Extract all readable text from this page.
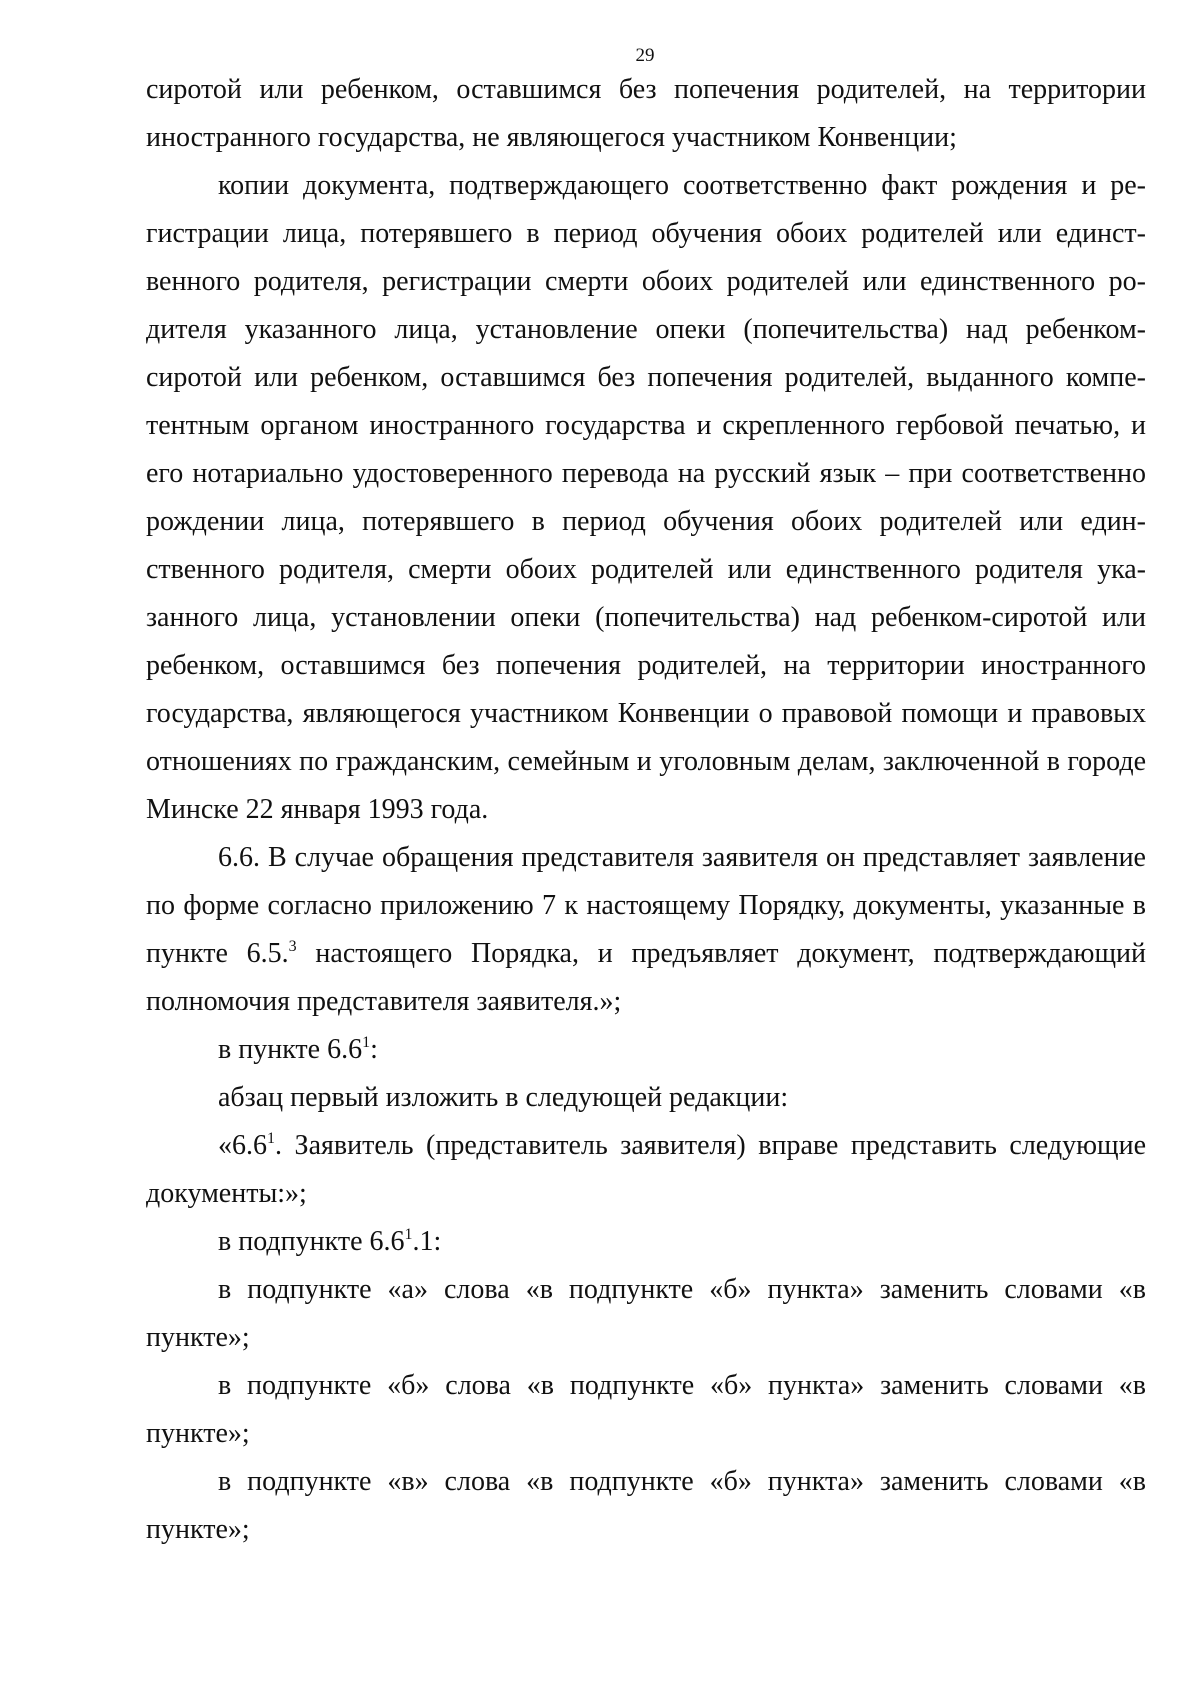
29

сиротой или ребенком, оставшимся без попечения родителей, на территории иностранного государства, не являющегося участником Конвенции;

копии документа, подтверждающего соответственно факт рождения и регистрации лица, потерявшего в период обучения обоих родителей или единственного родителя, регистрации смерти обоих родителей или единственного родителя указанного лица, установление опеки (попечительства) над ребенком-сиротой или ребенком, оставшимся без попечения родителей, выданного компетентным органом иностранного государства и скрепленного гербовой печатью, и его нотариально удостоверенного перевода на русский язык – при соответственно рождении лица, потерявшего в период обучения обоих родителей или единственного родителя, смерти обоих родителей или единственного родителя указанного лица, установлении опеки (попечительства) над ребенком-сиротой или ребенком, оставшимся без попечения родителей, на территории иностранного государства, являющегося участником Конвенции о правовой помощи и правовых отношениях по гражданским, семейным и уголовным делам, заключенной в городе Минске 22 января 1993 года.

6.6. В случае обращения представителя заявителя он представляет заявление по форме согласно приложению 7 к настоящему Порядку, документы, указанные в пункте 6.5.$^3$ настоящего Порядка, и предъявляет документ, подтверждающий полномочия представителя заявителя.»;

в пункте $6.6^1$:

абзац первый изложить в следующей редакции:

«$6.6^1$. Заявитель (представитель заявителя) вправе представить следующие документы:»;

в подпункте $6.6^1.1$:

в подпункте «а» слова «в подпункте «б» пункта» заменить словами «в пункте»;

в подпункте «б» слова «в подпункте «б» пункта» заменить словами «в пункте»;

в подпункте «в» слова «в подпункте «б» пункта» заменить словами «в пункте»;
